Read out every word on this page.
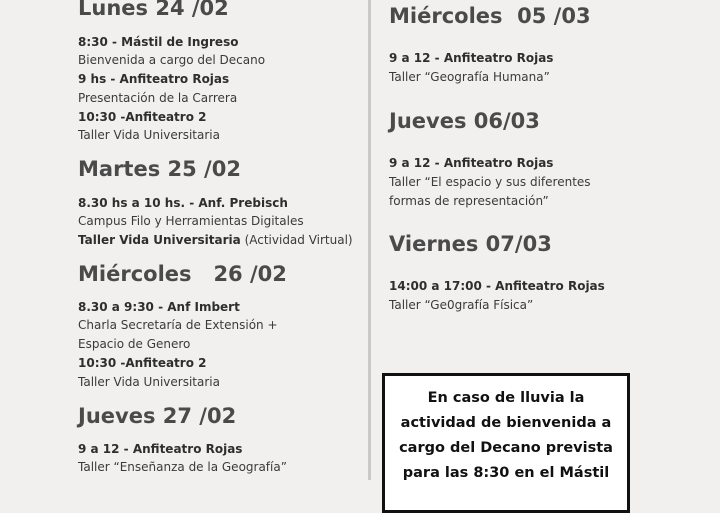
Lunes 24 /02
8:30 - Mástil de Ingreso
Bienvenida a cargo del Decano
9 hs - Anfiteatro Rojas
Presentación de la Carrera
10:30 -Anfiteatro 2
Taller Vida Universitaria
Martes 25 /02
8.30 hs a 10 hs. - Anf. Prebisch
Campus Filo y Herramientas Digitales
Taller Vida Universitaria (Actividad Virtual)
Miércoles   26 /02
8.30 a 9:30 - Anf Imbert
Charla Secretaría de Extensión +
Espacio de Genero
10:30 -Anfiteatro 2
Taller Vida Universitaria
Jueves 27 /02
9 a 12 - Anfiteatro Rojas
Taller “Enseñanza de la Geografía”
Miércoles  05 /03
9 a 12 - Anfiteatro Rojas
Taller “Geografía Humana”
Jueves 06/03
9 a 12 - Anfiteatro Rojas
Taller “El espacio y sus diferentes
formas de representación”
Viernes 07/03
14:00 a 17:00 - Anfiteatro Rojas
Taller “Ge0grafía Física”
En caso de lluvia la
actividad de bienvenida a
cargo del Decano prevista
para las 8:30 en el Mástil
